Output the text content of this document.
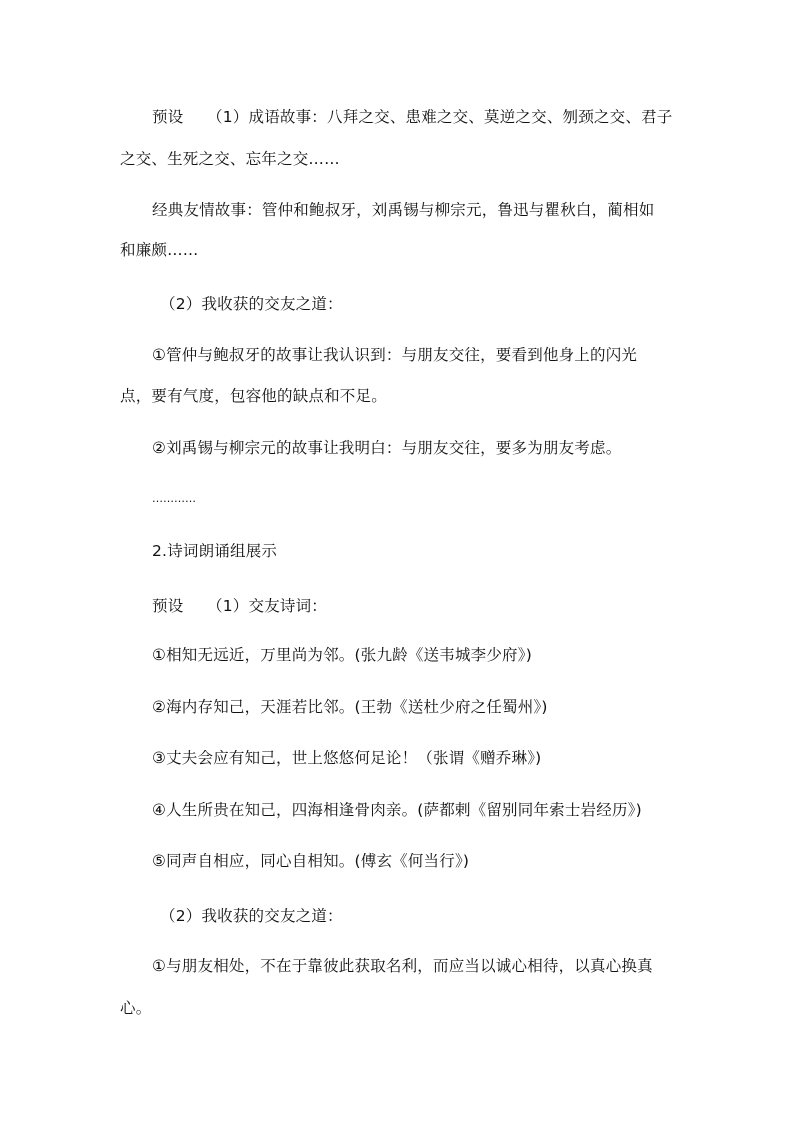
预设　　（1）成语故事：八拜之交、患难之交、莫逆之交、刎颈之交、君子
之交、生死之交、忘年之交……
经典友情故事：管仲和鲍叔牙，刘禹锡与柳宗元，鲁迅与瞿秋白，蔺相如
和廉颇……
（2）我收获的交友之道：
①管仲与鲍叔牙的故事让我认识到：与朋友交往，要看到他身上的闪光
点，要有气度，包容他的缺点和不足。
②刘禹锡与柳宗元的故事让我明白：与朋友交往，要多为朋友考虑。
…………
2.诗词朗诵组展示
预设　　（1）交友诗词：
①相知无远近，万里尚为邻。(张九龄《送韦城李少府》)
②海内存知己，天涯若比邻。(王勃《送杜少府之任蜀州》)
③丈夫会应有知己，世上悠悠何足论！（张谓《赠乔琳》)
④人生所贵在知己，四海相逢骨肉亲。(萨都剌《留别同年索士岩经历》)
⑤同声自相应，同心自相知。(傅玄《何当行》)
（2）我收获的交友之道：
①与朋友相处，不在于靠彼此获取名利，而应当以诚心相待，以真心换真
心。
